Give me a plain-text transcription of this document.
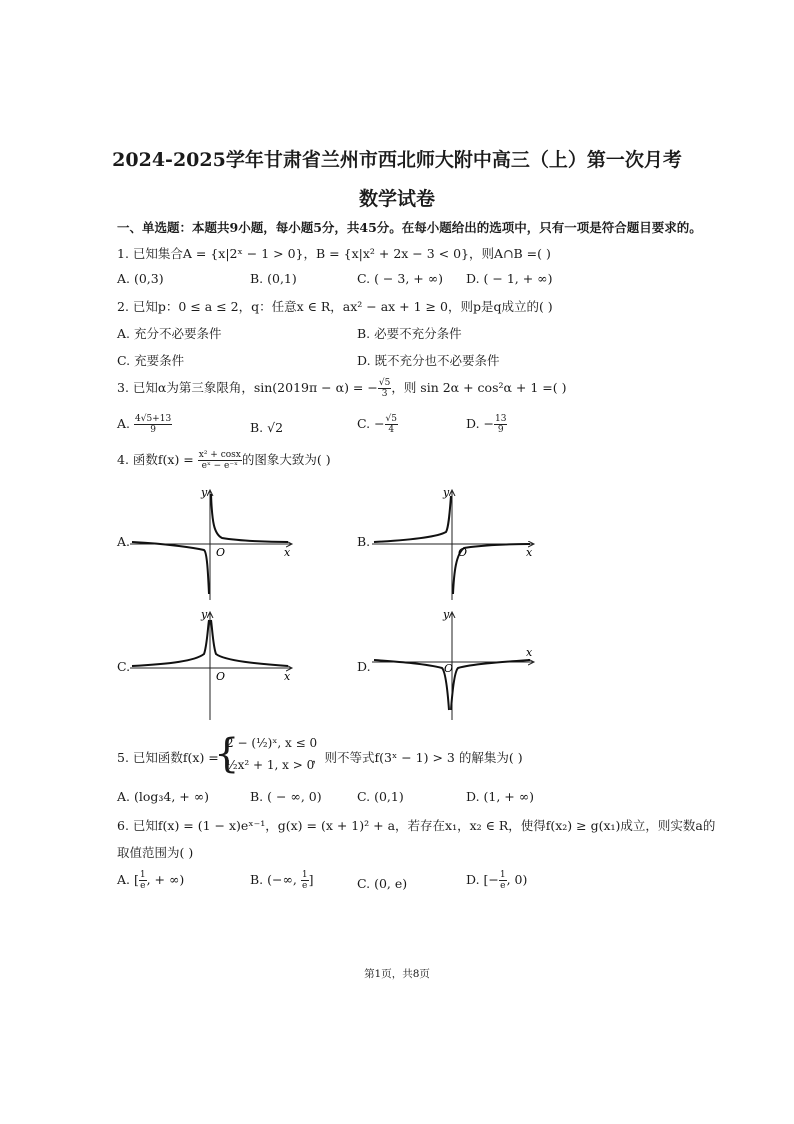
2024-2025学年甘肃省兰州市西北师大附中高三（上）第一次月考
数学试卷
一、单选题：本题共9小题，每小题5分，共45分。在每小题给出的选项中，只有一项是符合题目要求的。
1. 已知集合A = {x|2ˣ − 1 > 0}，B = {x|x² + 2x − 3 < 0}，则A∩B =( )
A. (0,3)	B. (0,1)	C. ( − 3, + ∞) D. ( − 1, + ∞)
2. 已知p：0 ≤ a ≤ 2，q：任意x ∈ R，ax² − ax + 1 ≥ 0，则p是q成立的( )
A. 充分不必要条件	B. 必要不充分条件
C. 充要条件	D. 既不充分也不必要条件
3. 已知α为第三象限角，sin(2019π − α) = − $\frac{√5}{3}$ ，则 sin 2α + cos²α + 1 =( )
A. $\frac{4√5+13}{9}$	B. √2	C. − $\frac{√5}{4}$	D. − $\frac{13}{9}$
4. 函数$f(x) = \frac{\text{x² + cosx}}{\text{eˣ − e⁻ˣ}}$ 的图象大致为( )
A.	B.
C.	D.
y
x
O
y
x
O
y
x
O
y
x
O
5. 已知函数f(x) =
{
2 − (½)ˣ, x ≤ 0
½x² + 1, x > 0
，则不等式f(3ˣ − 1) > 3 的解集为( )
A. (log₃4, + ∞)	B. ( − ∞, 0)	C. (0,1)	D. (1, + ∞)
6. 已知f(x) = (1 − x)eˣ⁻¹，g(x) = (x + 1)² + a，若存在x₁，x₂ ∈ R，使得f(x₂) ≥ g(x₁)成立，则实数a的
取值范围为( )
A. [ $\frac{1}{e}$ , + ∞)	B. (−∞, $\frac{1}{e}$ ]	C. (0, e)	D. [− $\frac{1}{e}$ , 0)
第1页，共8页
